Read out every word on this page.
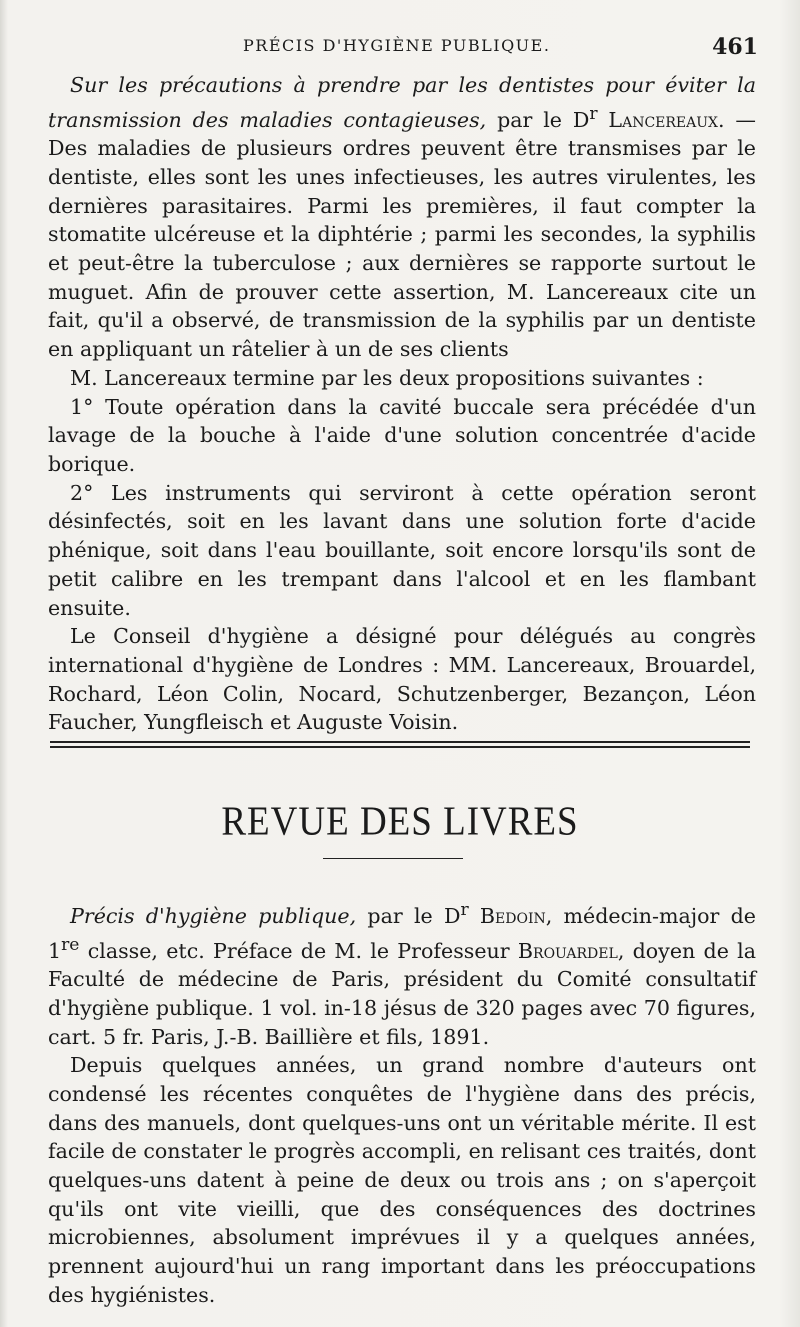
PRÉCIS D'HYGIÈNE PUBLIQUE.	461

Sur les précautions à prendre par les dentistes pour éviter la transmission des maladies contagieuses, par le $D^r$ Lancereaux. — Des maladies de plusieurs ordres peuvent être transmises par le dentiste, elles sont les unes infectieuses, les autres virulentes, les dernières parasitaires. Parmi les premières, il faut compter la stomatite ulcéreuse et la diphtérie ; parmi les secondes, la syphilis et peut-être la tuberculose ; aux dernières se rapporte surtout le muguet. Afin de prouver cette assertion, M. Lancereaux cite un fait, qu'il a observé, de transmission de la syphilis par un dentiste en appliquant un râtelier à un de ses clients

M. Lancereaux termine par les deux propositions suivantes :

1° Toute opération dans la cavité buccale sera précédée d'un lavage de la bouche à l'aide d'une solution concentrée d'acide borique.

2° Les instruments qui serviront à cette opération seront désinfectés, soit en les lavant dans une solution forte d'acide phénique, soit dans l'eau bouillante, soit encore lorsqu'ils sont de petit calibre en les trempant dans l'alcool et en les flambant ensuite.

Le Conseil d'hygiène a désigné pour délégués au congrès international d'hygiène de Londres : MM. Lancereaux, Brouardel, Rochard, Léon Colin, Nocard, Schutzenberger, Bezançon, Léon Faucher, Yungfleisch et Auguste Voisin.

REVUE DES LIVRES

Précis d'hygiène publique, par le $D^r$ Bedoin, médecin-major de 1re classe, etc. Préface de M. le Professeur Brouardel, doyen de la Faculté de médecine de Paris, président du Comité consultatif d'hygiène publique. 1 vol. in-18 jésus de 320 pages avec 70 figures, cart. 5 fr. Paris, J.-B. Baillière et fils, 1891.

Depuis quelques années, un grand nombre d'auteurs ont condensé les récentes conquêtes de l'hygiène dans des précis, dans des manuels, dont quelques-uns ont un véritable mérite. Il est facile de constater le progrès accompli, en relisant ces traités, dont quelques-uns datent à peine de deux ou trois ans ; on s'aperçoit qu'ils ont vite vieilli, que des conséquences des doctrines microbiennes, absolument imprévues il y a quelques années, prennent aujourd'hui un rang important dans les préoccupations des hygiénistes.
